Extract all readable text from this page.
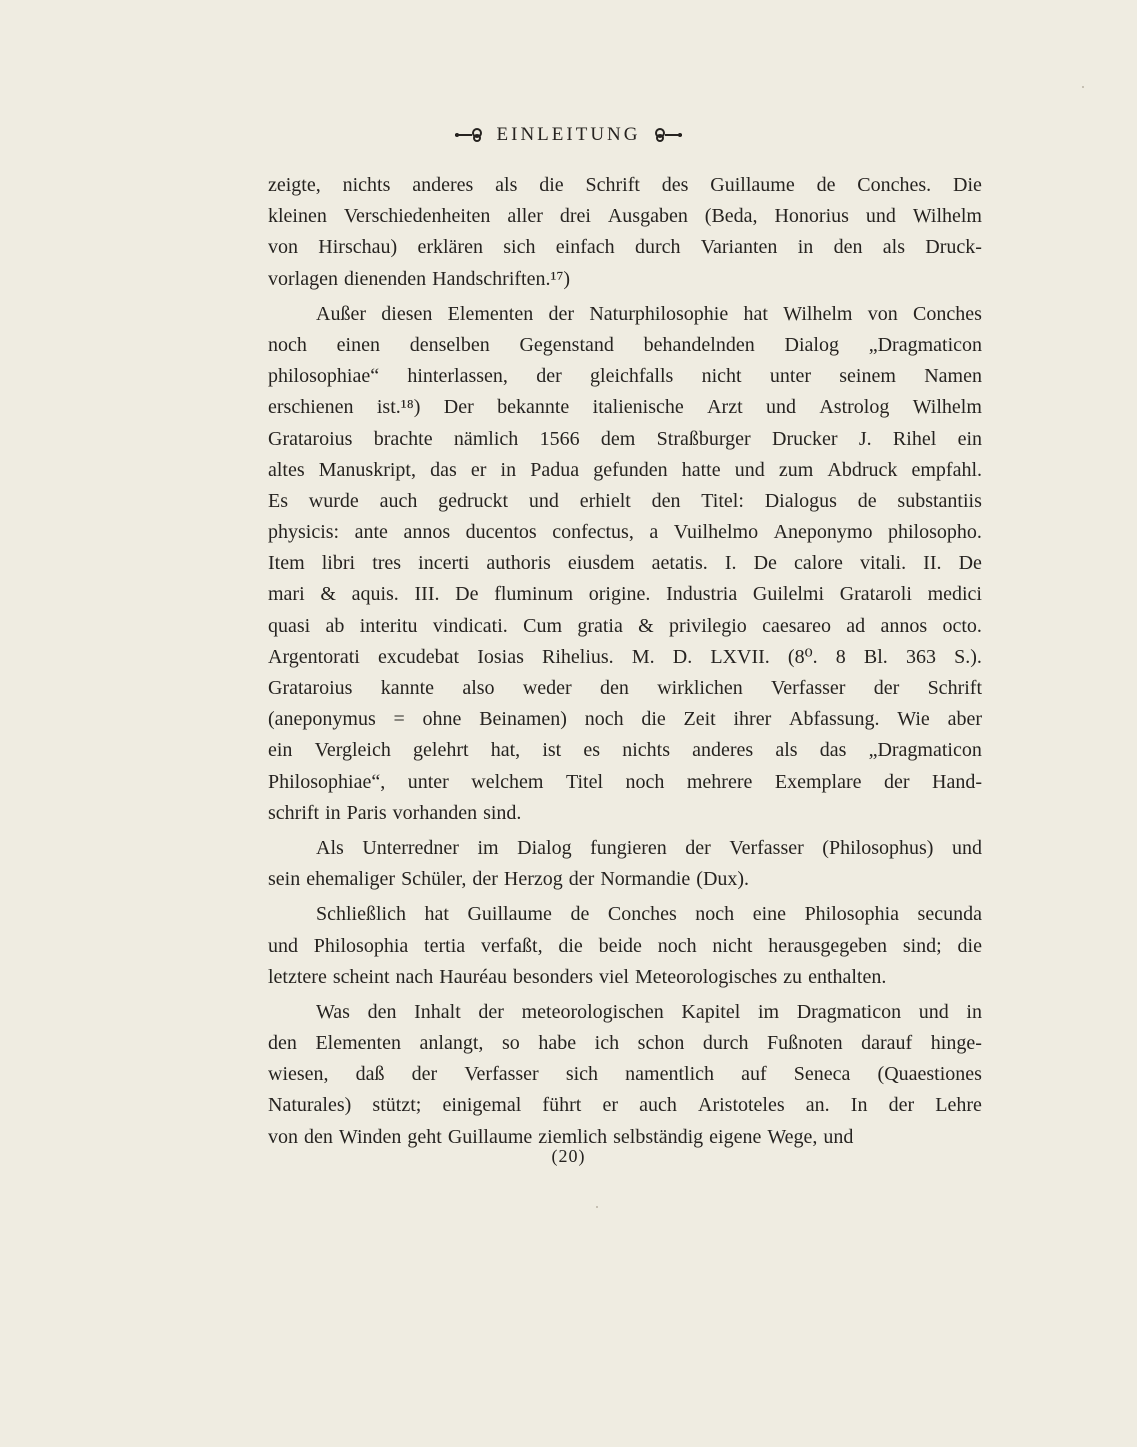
EINLEITUNG
zeigte, nichts anderes als die Schrift des Guillaume de Conches. Die
kleinen Verschiedenheiten aller drei Ausgaben (Beda, Honorius und Wilhelm
von Hirschau) erklären sich einfach durch Varianten in den als Druck-
vorlagen dienenden Handschriften.¹⁷)
Außer diesen Elementen der Naturphilosophie hat Wilhelm von Conches
noch einen denselben Gegenstand behandelnden Dialog „Dragmaticon
philosophiae“ hinterlassen, der gleichfalls nicht unter seinem Namen
erschienen ist.¹⁸) Der bekannte italienische Arzt und Astrolog Wilhelm
Grataroius brachte nämlich 1566 dem Straßburger Drucker J. Rihel ein
altes Manuskript, das er in Padua gefunden hatte und zum Abdruck empfahl.
Es wurde auch gedruckt und erhielt den Titel: Dialogus de substantiis
physicis: ante annos ducentos confectus, a Vuilhelmo Aneponymo philosopho.
Item libri tres incerti authoris eiusdem aetatis. I. De calore vitali. II. De
mari & aquis. III. De fluminum origine. Industria Guilelmi Grataroli medici
quasi ab interitu vindicati. Cum gratia & privilegio caesareo ad annos octo.
Argentorati excudebat Iosias Rihelius. M. D. LXVII. (8⁰. 8 Bl. 363 S.).
Grataroius kannte also weder den wirklichen Verfasser der Schrift
(aneponymus = ohne Beinamen) noch die Zeit ihrer Abfassung. Wie aber
ein Vergleich gelehrt hat, ist es nichts anderes als das „Dragmaticon
Philosophiae“, unter welchem Titel noch mehrere Exemplare der Hand-
schrift in Paris vorhanden sind.
Als Unterredner im Dialog fungieren der Verfasser (Philosophus) und
sein ehemaliger Schüler, der Herzog der Normandie (Dux).
Schließlich hat Guillaume de Conches noch eine Philosophia secunda
und Philosophia tertia verfaßt, die beide noch nicht herausgegeben sind; die
letztere scheint nach Hauréau besonders viel Meteorologisches zu enthalten.
Was den Inhalt der meteorologischen Kapitel im Dragmaticon und in
den Elementen anlangt, so habe ich schon durch Fußnoten darauf hinge-
wiesen, daß der Verfasser sich namentlich auf Seneca (Quaestiones
Naturales) stützt; einigemal führt er auch Aristoteles an. In der Lehre
von den Winden geht Guillaume ziemlich selbständig eigene Wege, und
(20)
